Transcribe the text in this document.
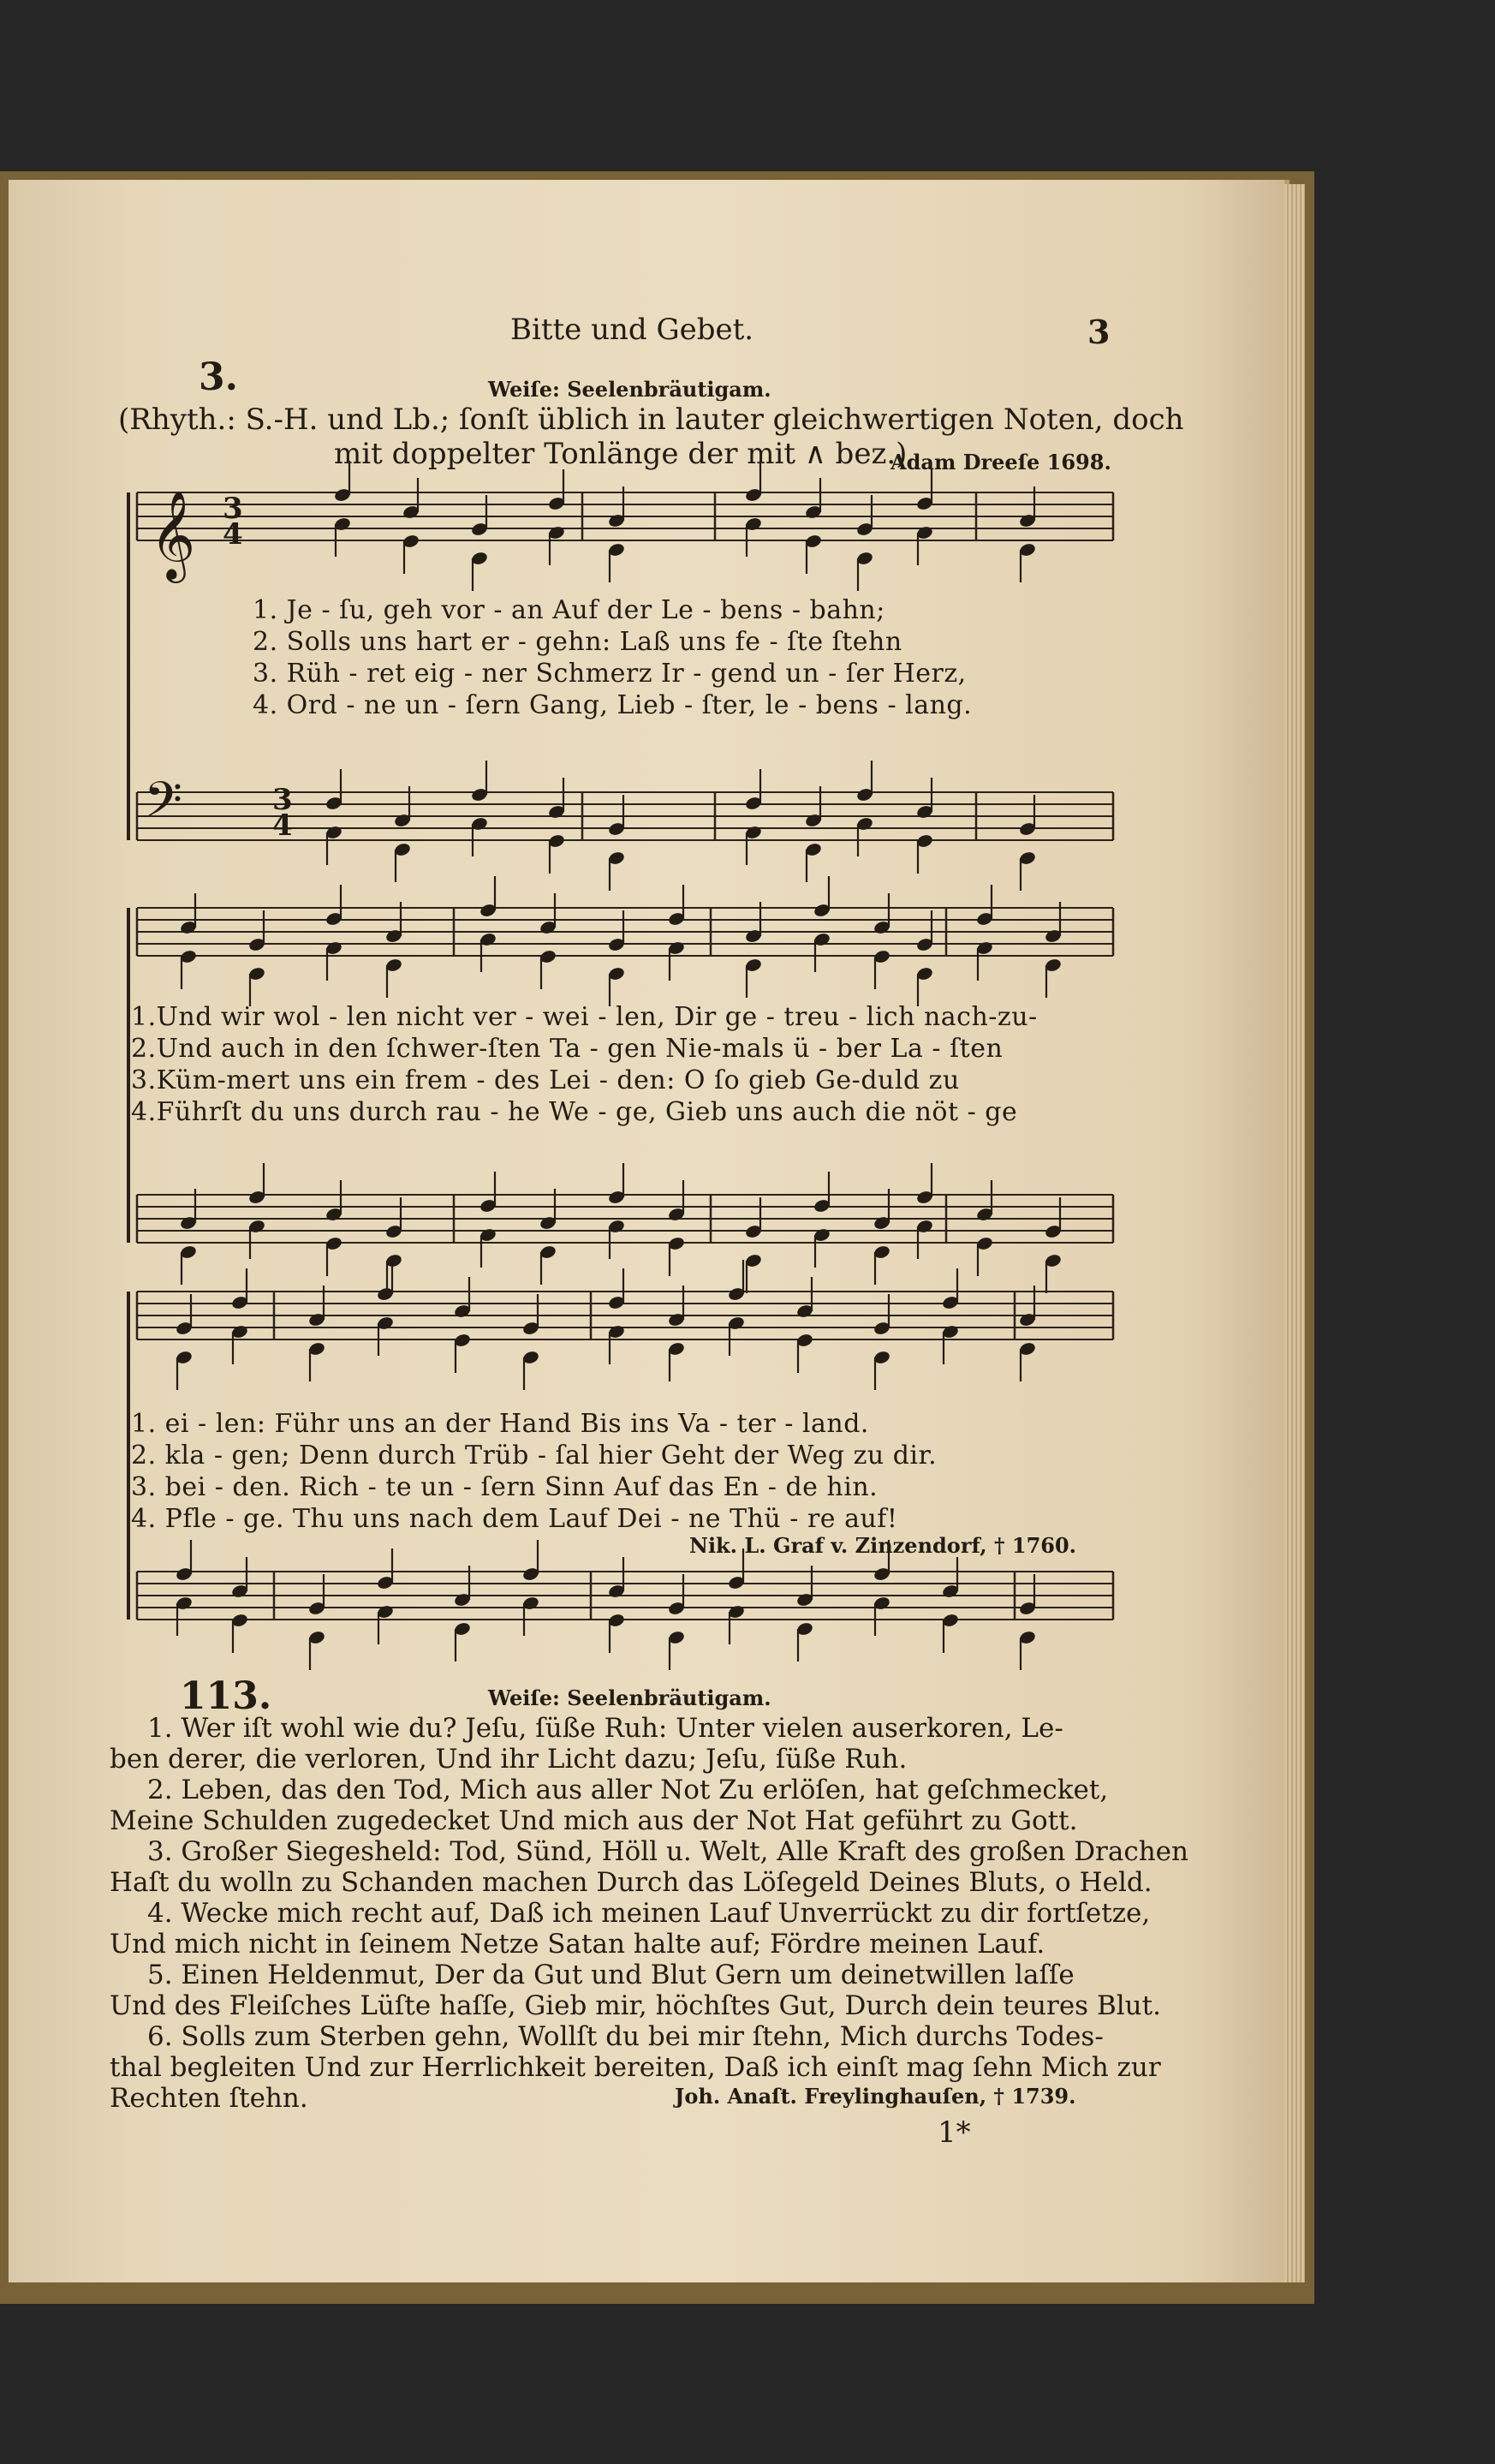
𝄞 3
4
𝄢	3
4
Bitte und Gebet.	3
3.	Weiſe: Seelenbräutigam.
(Rhyth.: S.-H. und Lb.; ſonſt üblich in lauter gleichwertigen Noten, doch
mit doppelter Tonlänge der mit ∧ bez.)
Adam Dreeſe 1698.
1. Je - ſu, geh vor - an Auf der Le - bens - bahn;
2. Solls uns hart er - gehn: Laß uns fe - ſte ſtehn
3. Rüh - ret eig - ner Schmerz Ir - gend un - ſer Herz,
4. Ord - ne un - ſern Gang, Lieb - ſter, le - bens - lang.
1.Und wir wol - len nicht ver - wei - len, Dir ge - treu - lich nach-zu-
2.Und auch in den ſchwer-ſten Ta - gen Nie-mals ü - ber La - ſten
3.Küm-mert uns ein frem - des Lei - den: O ſo gieb Ge-duld zu
4.Führſt du uns durch rau - he We - ge, Gieb uns auch die nöt - ge
1. ei - len: Führ uns an der Hand Bis ins Va - ter - land.
2. kla - gen; Denn durch Trüb - ſal hier Geht der Weg zu dir.
3. bei - den. Rich - te un - ſern Sinn Auf das En - de hin.
4. Pfle - ge. Thu uns nach dem Lauf Dei - ne Thü - re auf!
Nik. L. Graf v. Zinzendorf, † 1760.
113.	Weiſe: Seelenbräutigam.
1. Wer iſt wohl wie du? Jeſu, ſüße Ruh: Unter vielen auserkoren, Le-
ben derer, die verloren, Und ihr Licht dazu; Jeſu, ſüße Ruh.
2. Leben, das den Tod, Mich aus aller Not Zu erlöſen, hat geſchmecket,
Meine Schulden zugedecket Und mich aus der Not Hat geführt zu Gott.
3. Großer Siegesheld: Tod, Sünd, Höll u. Welt, Alle Kraft des großen Drachen
Haſt du wolln zu Schanden machen Durch das Löſegeld Deines Bluts, o Held.
4. Wecke mich recht auf, Daß ich meinen Lauf Unverrückt zu dir fortſetze,
Und mich nicht in ſeinem Netze Satan halte auf; Fördre meinen Lauf.
5. Einen Heldenmut, Der da Gut und Blut Gern um deinetwillen laſſe
Und des Fleiſches Lüſte haſſe, Gieb mir, höchſtes Gut, Durch dein teures Blut.
6. Solls zum Sterben gehn, Wollſt du bei mir ſtehn, Mich durchs Todes-
thal begleiten Und zur Herrlichkeit bereiten, Daß ich einſt mag ſehn Mich zur
Rechten ſtehn.	Joh. Anaſt. Freylinghauſen, † 1739.
1*
